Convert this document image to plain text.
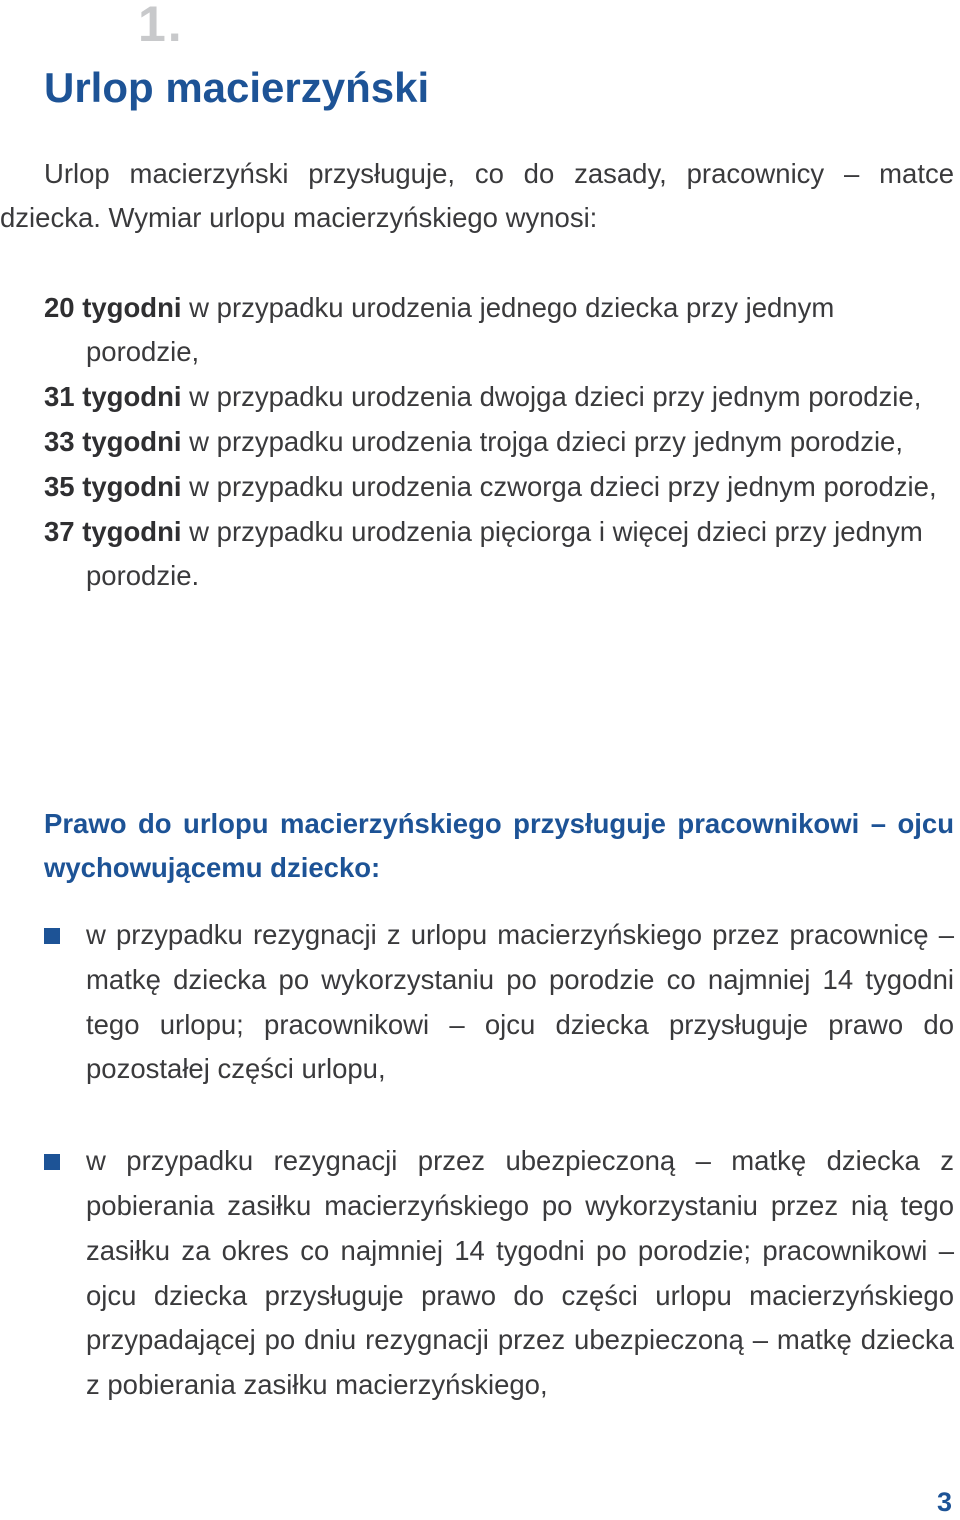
1.
Urlop macierzyński

Urlop macierzyński przysługuje, co do zasady, pracownicy – matce dziecka. Wymiar urlopu macierzyńskiego wynosi:

20 tygodni w przypadku urodzenia jednego dziecka przy jednym porodzie,
31 tygodni w przypadku urodzenia dwojga dzieci przy jednym porodzie,
33 tygodni w przypadku urodzenia trojga dzieci przy jednym porodzie,
35 tygodni w przypadku urodzenia czworga dzieci przy jednym porodzie,
37 tygodni w przypadku urodzenia pięciorga i więcej dzieci przy jednym porodzie.

Prawo do urlopu macierzyńskiego przysługuje pracownikowi – ojcu wychowującemu dziecko:

w przypadku rezygnacji z urlopu macierzyńskiego przez pracownicę – matkę dziecka po wykorzystaniu po porodzie co najmniej 14 tygodni tego urlopu; pracownikowi – ojcu dziecka przysługuje prawo do pozostałej części urlopu,
w przypadku rezygnacji przez ubezpieczoną – matkę dziecka z pobierania zasiłku macierzyńskiego po wykorzystaniu przez nią tego zasiłku za okres co najmniej 14 tygodni po porodzie; pracownikowi – ojcu dziecka przysługuje prawo do części urlopu macierzyńskiego przypadającej po dniu rezygnacji przez ubezpieczoną – matkę dziecka z pobierania zasiłku macierzyńskiego,
3
